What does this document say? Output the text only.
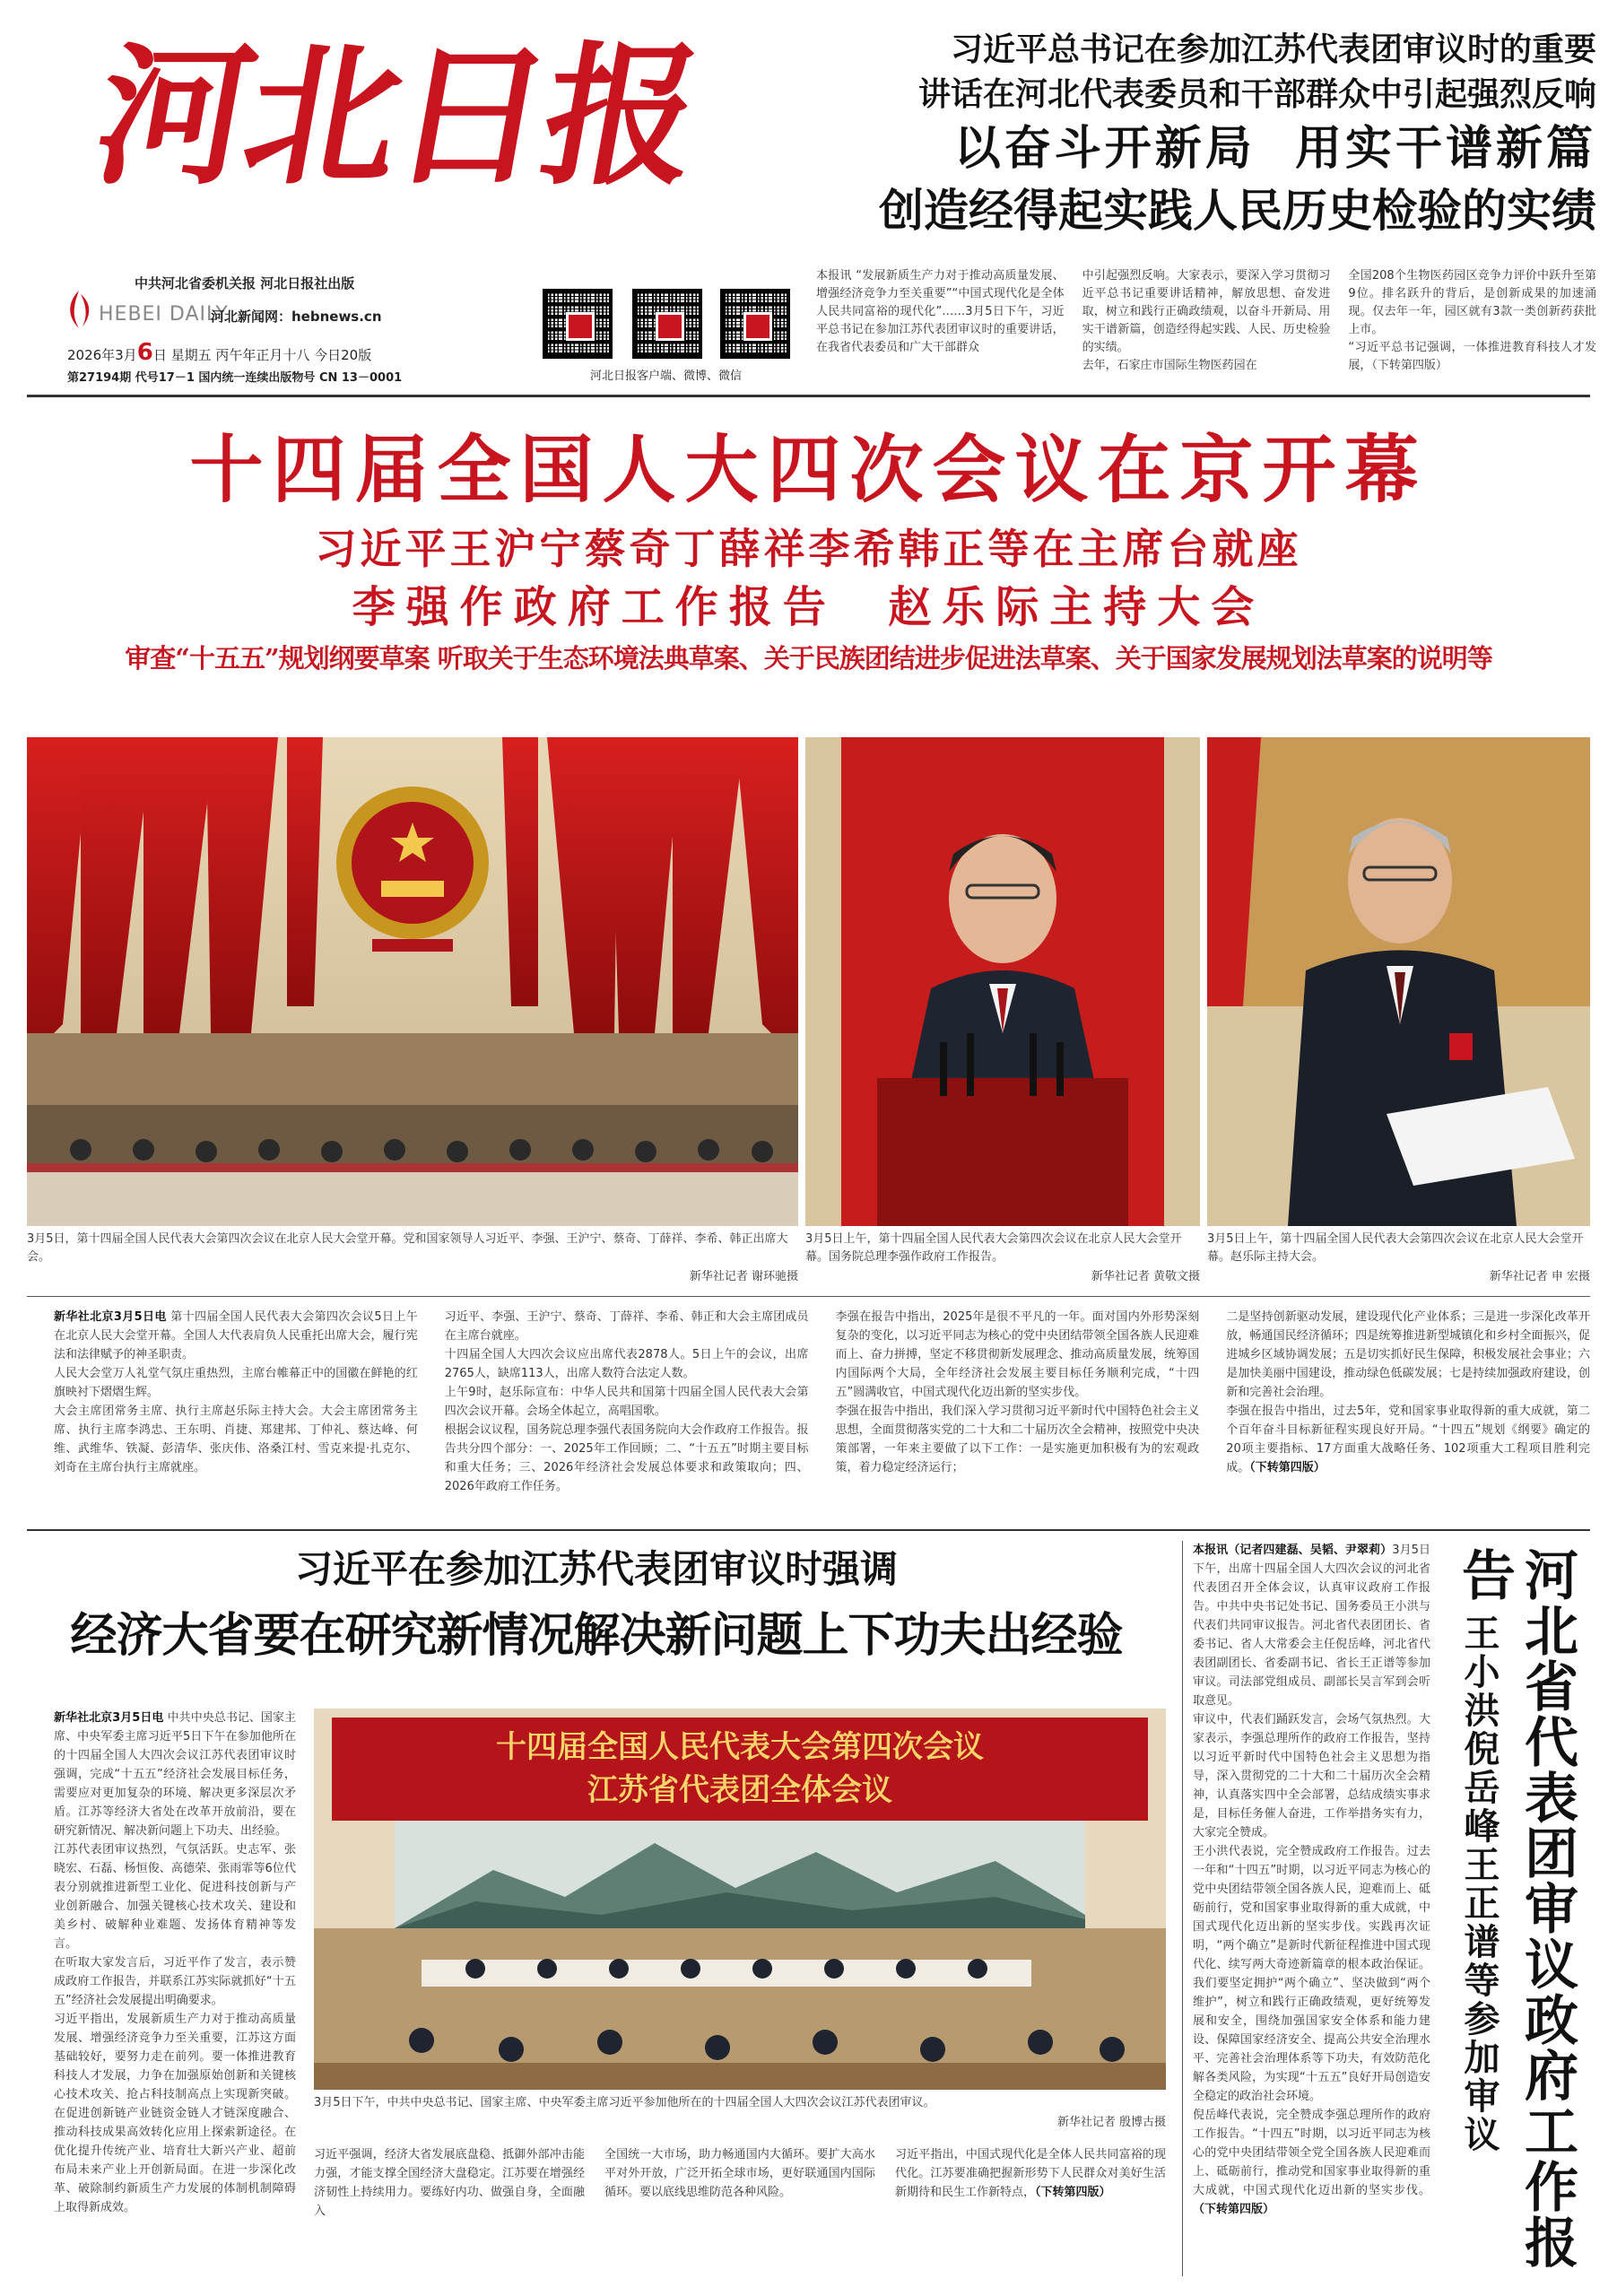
河北日报
HEBEI DAILY
中共河北省委机关报 河北日报社出版
河北新闻网：hebnews.cn
2026年3月6日 星期五 丙午年正月十八 今日20版
第27194期 代号17－1 国内统一连续出版物号 CN 13－0001	河北日报客户端、微博、微信
习近平总书记在参加江苏代表团审议时的重要
讲话在河北代表委员和干部群众中引起强烈反响
以奋斗开新局  用实干谱新篇
创造经得起实践人民历史检验的实绩

本报讯 “发展新质生产力对于推动高质量发展、增强经济竞争力至关重要”“中国式现代化是全体人民共同富裕的现代化”……3月5日下午，习近平总书记在参加江苏代表团审议时的重要讲话，在我省代表委员和广大干部群众

中引起强烈反响。大家表示，要深入学习贯彻习近平总书记重要讲话精神，解放思想、奋发进取，树立和践行正确政绩观，以奋斗开新局、用实干谱新篇，创造经得起实践、人民、历史检验的实绩。
去年，石家庄市国际生物医药园在

全国208个生物医药园区竞争力评价中跃升至第9位。排名跃升的背后，是创新成果的加速涌现。仅去年一年，园区就有3款一类创新药获批上市。
“习近平总书记强调，一体推进教育科技人才发展，（下转第四版）

十四届全国人大四次会议在京开幕
习近平王沪宁蔡奇丁薛祥李希韩正等在主席台就座
李强作政府工作报告  赵乐际主持大会
审查“十五五”规划纲要草案 听取关于生态环境法典草案、关于民族团结进步促进法草案、关于国家发展规划法草案的说明等

3月5日，第十四届全国人民代表大会第四次会议在北京人民大会堂开幕。党和国家领导人习近平、李强、王沪宁、蔡奇、丁薛祥、李希、韩正出席大会。

新华社记者 谢环驰摄

3月5日上午，第十四届全国人民代表大会第四次会议在北京人民大会堂开幕。国务院总理李强作政府工作报告。

新华社记者 黄敬文摄

3月5日上午，第十四届全国人民代表大会第四次会议在北京人民大会堂开幕。赵乐际主持大会。

新华社记者 申 宏摄

新华社北京3月5日电 第十四届全国人民代表大会第四次会议5日上午在北京人民大会堂开幕。全国人大代表肩负人民重托出席大会，履行宪法和法律赋予的神圣职责。
人民大会堂万人礼堂气氛庄重热烈，主席台帷幕正中的国徽在鲜艳的红旗映衬下熠熠生辉。
大会主席团常务主席、执行主席赵乐际主持大会。大会主席团常务主席、执行主席李鸿忠、王东明、肖捷、郑建邦、丁仲礼、蔡达峰、何维、武维华、铁凝、彭清华、张庆伟、洛桑江村、雪克来提·扎克尔、刘奇在主席台执行主席就座。

习近平、李强、王沪宁、蔡奇、丁薛祥、李希、韩正和大会主席团成员在主席台就座。
十四届全国人大四次会议应出席代表2878人。5日上午的会议，出席2765人，缺席113人，出席人数符合法定人数。
上午9时，赵乐际宣布：中华人民共和国第十四届全国人民代表大会第四次会议开幕。会场全体起立，高唱国歌。
根据会议议程，国务院总理李强代表国务院向大会作政府工作报告。报告共分四个部分：一、2025年工作回顾；二、“十五五”时期主要目标和重大任务；三、2026年经济社会发展总体要求和政策取向；四、2026年政府工作任务。

李强在报告中指出，2025年是很不平凡的一年。面对国内外形势深刻复杂的变化，以习近平同志为核心的党中央团结带领全国各族人民迎难而上、奋力拼搏，坚定不移贯彻新发展理念、推动高质量发展，统筹国内国际两个大局，全年经济社会发展主要目标任务顺利完成，“十四五”圆满收官，中国式现代化迈出新的坚实步伐。
李强在报告中指出，我们深入学习贯彻习近平新时代中国特色社会主义思想，全面贯彻落实党的二十大和二十届历次全会精神，按照党中央决策部署，一年来主要做了以下工作：一是实施更加积极有为的宏观政策，着力稳定经济运行；

二是坚持创新驱动发展，建设现代化产业体系；三是进一步深化改革开放，畅通国民经济循环；四是统筹推进新型城镇化和乡村全面振兴，促进城乡区域协调发展；五是切实抓好民生保障，积极发展社会事业；六是加快美丽中国建设，推动绿色低碳发展；七是持续加强政府建设，创新和完善社会治理。
李强在报告中指出，过去5年，党和国家事业取得新的重大成就，第二个百年奋斗目标新征程实现良好开局。“十四五”规划《纲要》确定的20项主要指标、17方面重大战略任务、102项重大工程项目胜利完成。（下转第四版）

习近平在参加江苏代表团审议时强调
经济大省要在研究新情况解决新问题上下功夫出经验

新华社北京3月5日电 中共中央总书记、国家主席、中央军委主席习近平5日下午在参加他所在的十四届全国人大四次会议江苏代表团审议时强调，完成“十五五”经济社会发展目标任务，需要应对更加复杂的环境、解决更多深层次矛盾。江苏等经济大省处在改革开放前沿，要在研究新情况、解决新问题上下功夫、出经验。
江苏代表团审议热烈，气氛活跃。史志军、张晓宏、石磊、杨恒俊、高德荣、张雨霏等6位代表分别就推进新型工业化、促进科技创新与产业创新融合、加强关键核心技术攻关、建设和美乡村、破解种业难题、发扬体育精神等发言。
在听取大家发言后，习近平作了发言，表示赞成政府工作报告，并联系江苏实际就抓好“十五五”经济社会发展提出明确要求。
习近平指出，发展新质生产力对于推动高质量发展、增强经济竞争力至关重要，江苏这方面基础较好，要努力走在前列。要一体推进教育科技人才发展，力争在加强原始创新和关键核心技术攻关、抢占科技制高点上实现新突破。在促进创新链产业链资金链人才链深度融合、推动科技成果高效转化应用上探索新途径。在优化提升传统产业、培育壮大新兴产业、超前布局未来产业上开创新局面。在进一步深化改革、破除制约新质生产力发展的体制机制障碍上取得新成效。

十四届全国人民代表大会第四次会议
江苏省代表团全体会议

3月5日下午，中共中央总书记、国家主席、中央军委主席习近平参加他所在的十四届全国人大四次会议江苏代表团审议。

新华社记者 殷博古摄

习近平强调，经济大省发展底盘稳、抵御外部冲击能力强，才能支撑全国经济大盘稳定。江苏要在增强经济韧性上持续用力。要练好内功、做强自身，全面融入

全国统一大市场，助力畅通国内大循环。要扩大高水平对外开放，广泛开拓全球市场，更好联通国内国际循环。要以底线思维防范各种风险。

习近平指出，中国式现代化是全体人民共同富裕的现代化。江苏要准确把握新形势下人民群众对美好生活新期待和民生工作新特点，（下转第四版）

本报讯（记者四建磊、吴韬、尹翠莉）3月5日下午，出席十四届全国人大四次会议的河北省代表团召开全体会议，认真审议政府工作报告。中共中央书记处书记、国务委员王小洪与代表们共同审议报告。河北省代表团团长、省委书记、省人大常委会主任倪岳峰，河北省代表团副团长、省委副书记、省长王正谱等参加审议。司法部党组成员、副部长吴言军到会听取意见。
审议中，代表们踊跃发言，会场气氛热烈。大家表示，李强总理所作的政府工作报告，坚持以习近平新时代中国特色社会主义思想为指导，深入贯彻党的二十大和二十届历次全会精神，认真落实四中全会部署，总结成绩实事求是，目标任务催人奋进，工作举措务实有力，大家完全赞成。
王小洪代表说，完全赞成政府工作报告。过去一年和“十四五”时期，以习近平同志为核心的党中央团结带领全国各族人民，迎难而上、砥砺前行，党和国家事业取得新的重大成就，中国式现代化迈出新的坚实步伐。实践再次证明，“两个确立”是新时代新征程推进中国式现代化、续写两大奇迹新篇章的根本政治保证。我们要坚定拥护“两个确立”、坚决做到“两个维护”，树立和践行正确政绩观，更好统筹发展和安全，围绕加强国家安全体系和能力建设、保障国家经济安全、提高公共安全治理水平、完善社会治理体系等下功夫，有效防范化解各类风险，为实现“十五五”良好开局创造安全稳定的政治社会环境。
倪岳峰代表说，完全赞成李强总理所作的政府工作报告。“十四五”时期，以习近平同志为核心的党中央团结带领全党全国各族人民迎难而上、砥砺前行，推动党和国家事业取得新的重大成就，中国式现代化迈出新的坚实步伐。（下转第四版）	河北省代表团审议政府工作报告
王小洪倪岳峰王正谱等参加审议
